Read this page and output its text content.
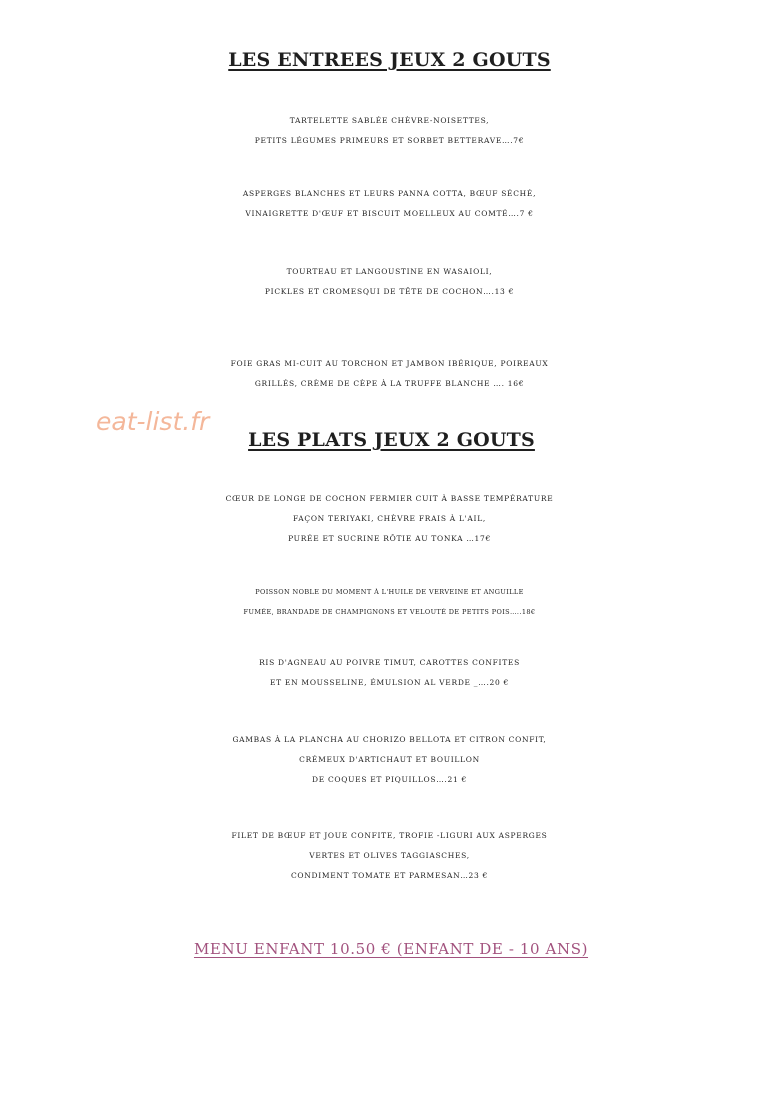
LES ENTREES JEUX 2 GOUTS
TARTELETTE SABLÉE CHÈVRE-NOISETTES,
PETITS LÉGUMES PRIMEURS ET SORBET BETTERAVE….7€
ASPERGES BLANCHES ET LEURS PANNA COTTA, BŒUF SÉCHÉ,
VINAIGRETTE D'ŒUF ET BISCUIT MOELLEUX AU COMTÉ….7 €
TOURTEAU ET LANGOUSTINE EN WASAIOLI,
PICKLES ET CROMESQUI DE TÊTE DE COCHON….13 €
FOIE GRAS MI-CUIT AU TORCHON ET JAMBON IBÉRIQUE, POIREAUX
GRILLÉS, CRÈME DE CÈPE À LA TRUFFE BLANCHE …. 16€
eat-list.fr
LES PLATS JEUX 2 GOUTS
CŒUR DE LONGE DE COCHON FERMIER CUIT À BASSE TEMPÉRATURE
FAÇON TERIYAKI, CHÈVRE FRAIS À L'AIL,
PURÉE ET SUCRINE RÔTIE AU TONKA …17€
POISSON NOBLE DU MOMENT À L'HUILE DE VERVEINE ET ANGUILLE
FUMÉE, BRANDADE DE CHAMPIGNONS ET VELOUTÉ DE PETITS POIS…..18€
RIS D'AGNEAU AU POIVRE TIMUT, CAROTTES CONFITES
ET EN MOUSSELINE, ÉMULSION AL VERDE _….20 €
GAMBAS À LA PLANCHA AU CHORIZO BELLOTA ET CITRON CONFIT,
CRÉMEUX D'ARTICHAUT ET BOUILLON
DE COQUES ET PIQUILLOS….21 €
FILET DE BŒUF ET JOUE CONFITE, TROFIE -LIGURI AUX ASPERGES
VERTES ET OLIVES TAGGIASCHES,
CONDIMENT TOMATE ET PARMESAN…23 €
MENU ENFANT 10.50 € (ENFANT DE - 10 ANS)
